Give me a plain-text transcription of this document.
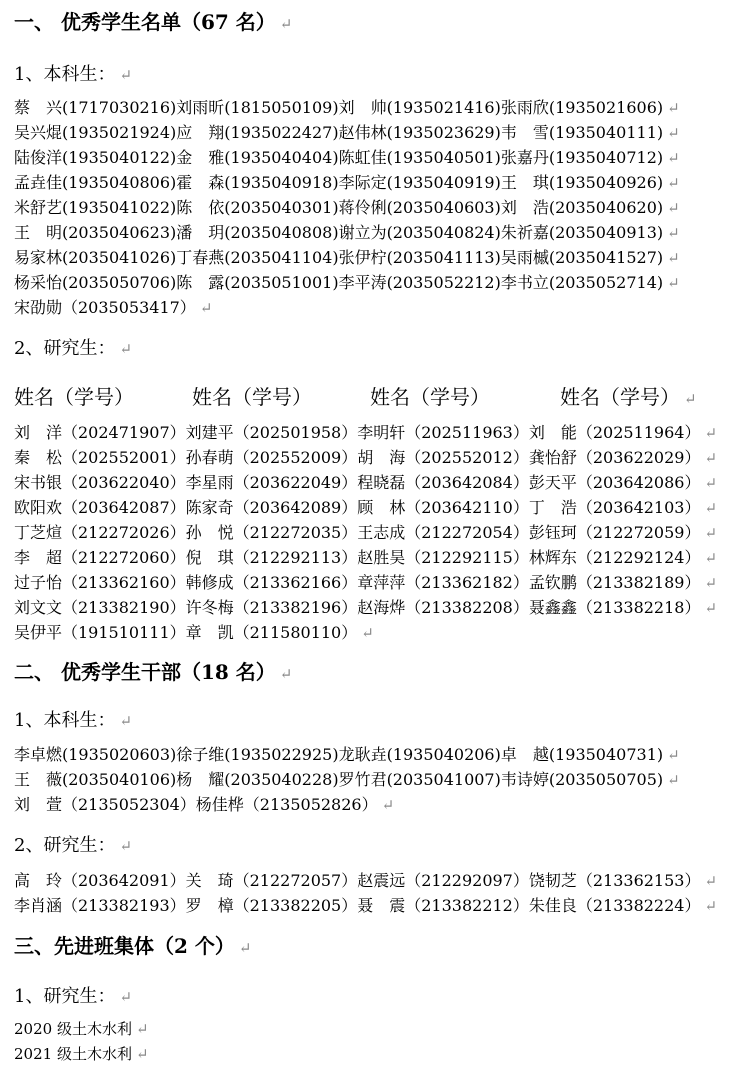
一、 优秀学生名单（67 名） ↵
1、本科生： ↵
蔡　兴(1717030216)刘雨昕(1815050109)刘　帅(1935021416)张雨欣(1935021606) ↵
吴兴焜(1935021924)应　翔(1935022427)赵伟林(1935023629)韦　雪(1935040111) ↵
陆俊洋(1935040122)金　雅(1935040404)陈虹佳(1935040501)张嘉丹(1935040712) ↵
孟垚佳(1935040806)霍　森(1935040918)李际定(1935040919)王　琪(1935040926) ↵
米舒艺(1935041022)陈　依(2035040301)蒋伶俐(2035040603)刘　浩(2035040620) ↵
王　明(2035040623)潘　玥(2035040808)谢立为(2035040824)朱祈嘉(2035040913) ↵
易家林(2035041026)丁春燕(2035041104)张伊柠(2035041113)吴雨槭(2035041527) ↵
杨采怡(2035050706)陈　露(2035051001)李平涛(2035052212)李书立(2035052714) ↵
宋劭勋（2035053417） ↵
2、研究生： ↵
姓名（学号）	姓名（学号）	姓名（学号）	姓名（学号） ↵
刘　洋（202471907）刘建平（202501958）李明轩（202511963）刘　能（202511964） ↵
秦　松（202552001）孙春萌（202552009）胡　海（202552012）龚怡舒（203622029） ↵
宋书银（203622040）李星雨（203622049）程晓磊（203642084）彭天平（203642086） ↵
欧阳欢（203642087）陈家奇（203642089）顾　林（203642110）丁　浩（203642103） ↵
丁芝煊（212272026）孙　悦（212272035）王志成（212272054）彭钰珂（212272059） ↵
李　超（212272060）倪　琪（212292113）赵胜昊（212292115）林辉东（212292124） ↵
过子怡（213362160）韩修成（213362166）章萍萍（213362182）孟钦鹏（213382189） ↵
刘文文（213382190）许冬梅（213382196）赵海烨（213382208）聂鑫鑫（213382218） ↵
吴伊平（191510111）章　凯（211580110） ↵
二、 优秀学生干部（18 名） ↵
1、本科生： ↵
李卓燃(1935020603)徐子维(1935022925)龙耿垚(1935040206)卓　越(1935040731) ↵
王　薇(2035040106)杨　耀(2035040228)罗竹君(2035041007)韦诗婷(2035050705) ↵
刘　萱（2135052304）杨佳桦（2135052826） ↵
2、研究生： ↵
高　玲（203642091）关　琦（212272057）赵震远（212292097）饶韧芝（213362153） ↵
李肖涵（213382193）罗　樟（213382205）聂　震（213382212）朱佳良（213382224） ↵
三、先进班集体（2 个） ↵
1、研究生： ↵
2020 级土木水利 ↵
2021 级土木水利 ↵
